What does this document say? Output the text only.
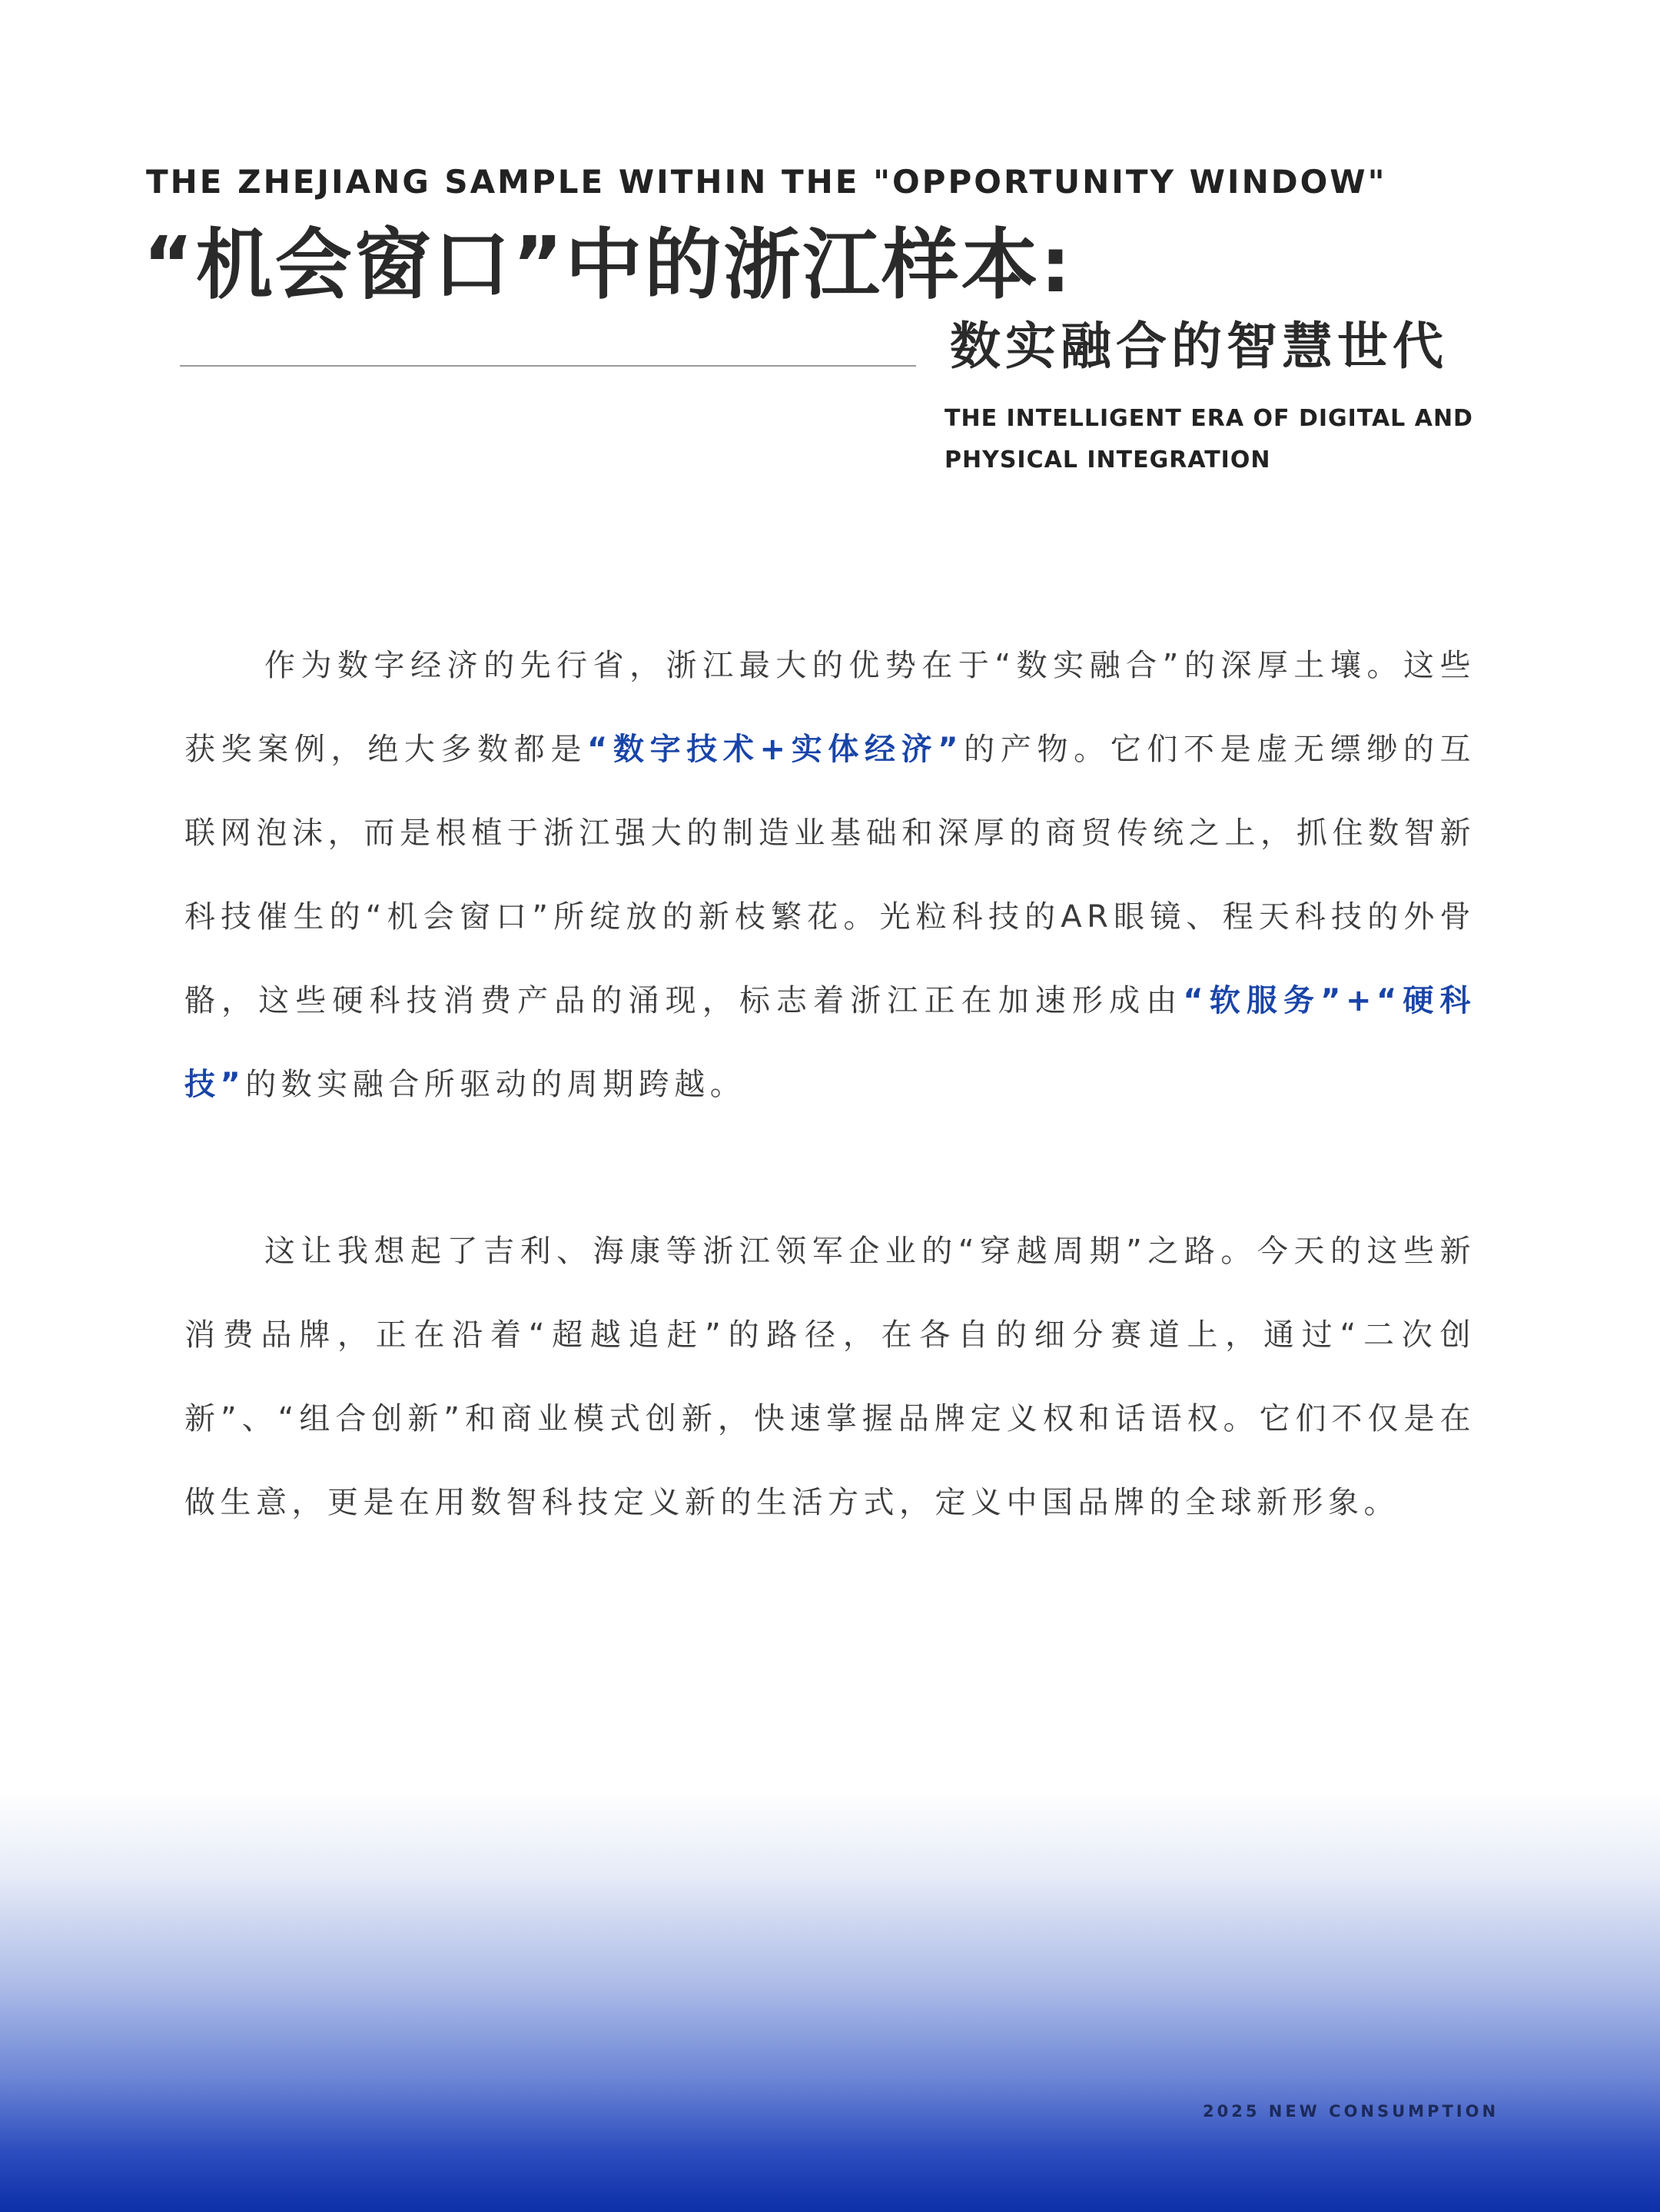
THE ZHEJIANG SAMPLE WITHIN THE "OPPORTUNITY WINDOW"
“机会窗口”中的浙江样本:
数实融合的智慧世代
THE INTELLIGENT ERA OF DIGITAL AND
PHYSICAL INTEGRATION

作为数字经济的先行省，浙江最大的优势在于“数实融合”的深厚土壤。这些获奖案例，绝大多数都是“数字技术+实体经济”的产物。它们不是虚无缥缈的互联网泡沫，而是根植于浙江强大的制造业基础和深厚的商贸传统之上，抓住数智新科技催生的“机会窗口”所绽放的新枝繁花。光粒科技的AR眼镜、程天科技的外骨骼，这些硬科技消费产品的涌现，标志着浙江正在加速形成由“软服务”+“硬科技”的数实融合所驱动的周期跨越。

这让我想起了吉利、海康等浙江领军企业的“穿越周期”之路。今天的这些新消费品牌，正在沿着“超越追赶”的路径，在各自的细分赛道上，通过“二次创新”、“组合创新”和商业模式创新，快速掌握品牌定义权和话语权。它们不仅是在做生意，更是在用数智科技定义新的生活方式，定义中国品牌的全球新形象。

2025 NEW CONSUMPTION
